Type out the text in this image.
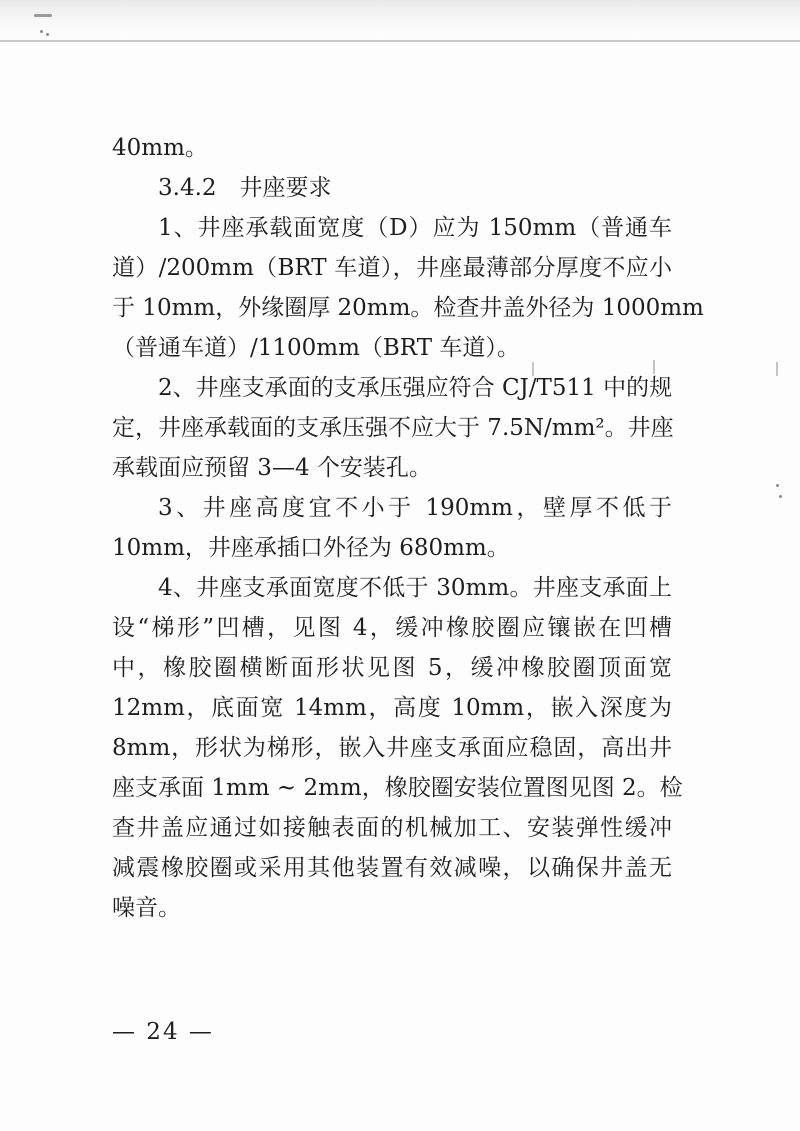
40mm。
3.4.2　井座要求
1、井座承载面宽度（D）应为 150mm（普通车
道）/200mm（BRT 车道），井座最薄部分厚度不应小
于 10mm，外缘圈厚 20mm。检查井盖外径为 1000mm
（普通车道）/1100mm（BRT 车道）。
2、井座支承面的支承压强应符合 CJ/T511 中的规
定，井座承载面的支承压强不应大于 7.5N/mm²。井座
承载面应预留 3—4 个安装孔。
3、井座高度宜不小于 190mm，壁厚不低于
10mm，井座承插口外径为 680mm。
4、井座支承面宽度不低于 30mm。井座支承面上
设“梯形”凹槽，见图 4，缓冲橡胶圈应镶嵌在凹槽
中，橡胶圈横断面形状见图 5，缓冲橡胶圈顶面宽
12mm，底面宽 14mm，高度 10mm，嵌入深度为
8mm，形状为梯形，嵌入井座支承面应稳固，高出井
座支承面 1mm ~ 2mm，橡胶圈安装位置图见图 2。检
查井盖应通过如接触表面的机械加工、安装弹性缓冲
减震橡胶圈或采用其他装置有效减噪，以确保井盖无
噪音。
— 24 —
